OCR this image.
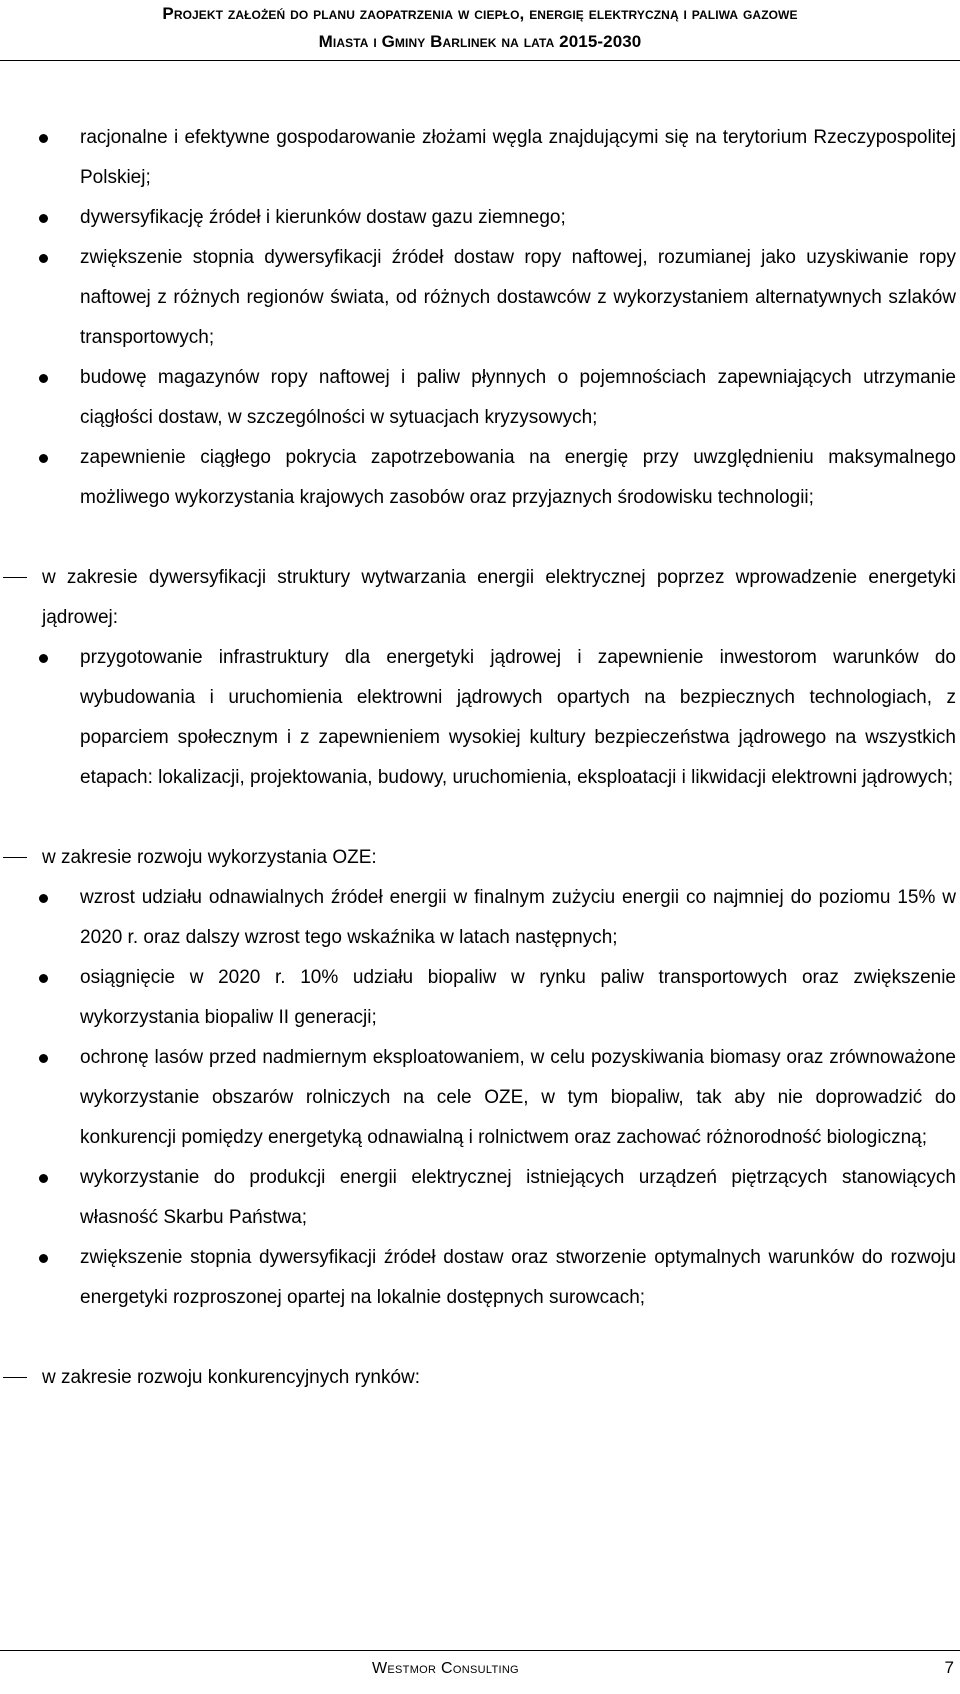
Projekt założeń do planu zaopatrzenia w ciepło, energię elektryczną i paliwa gazowe
Miasta i Gminy Barlinek na lata 2015-2030
racjonalne i efektywne gospodarowanie złożami węgla znajdującymi się na terytorium Rzeczypospolitej Polskiej;
dywersyfikację źródeł i kierunków dostaw gazu ziemnego;
zwiększenie stopnia dywersyfikacji źródeł dostaw ropy naftowej, rozumianej jako uzyskiwanie ropy naftowej z różnych regionów świata, od różnych dostawców z wykorzystaniem alternatywnych szlaków transportowych;
budowę magazynów ropy naftowej i paliw płynnych o pojemnościach zapewniających utrzymanie ciągłości dostaw, w szczególności w sytuacjach kryzysowych;
zapewnienie ciągłego pokrycia zapotrzebowania na energię przy uwzględnieniu maksymalnego możliwego wykorzystania krajowych zasobów oraz przyjaznych środowisku technologii;
w zakresie dywersyfikacji struktury wytwarzania energii elektrycznej poprzez wprowadzenie energetyki jądrowej:
przygotowanie infrastruktury dla energetyki jądrowej i zapewnienie inwestorom warunków do wybudowania i uruchomienia elektrowni jądrowych opartych na bezpiecznych technologiach, z poparciem społecznym i z zapewnieniem wysokiej kultury bezpieczeństwa jądrowego na wszystkich etapach: lokalizacji, projektowania, budowy, uruchomienia, eksploatacji i likwidacji elektrowni jądrowych;
w zakresie rozwoju wykorzystania OZE:
wzrost udziału odnawialnych źródeł energii w finalnym zużyciu energii co najmniej do poziomu 15% w 2020 r. oraz dalszy wzrost tego wskaźnika w latach następnych;
osiągnięcie w 2020 r. 10% udziału biopaliw w rynku paliw transportowych oraz zwiększenie wykorzystania biopaliw II generacji;
ochronę lasów przed nadmiernym eksploatowaniem, w celu pozyskiwania biomasy oraz zrównoważone wykorzystanie obszarów rolniczych na cele OZE, w tym biopaliw, tak aby nie doprowadzić do konkurencji pomiędzy energetyką odnawialną i rolnictwem oraz zachować różnorodność biologiczną;
wykorzystanie do produkcji energii elektrycznej istniejących urządzeń piętrzących stanowiących własność Skarbu Państwa;
zwiększenie stopnia dywersyfikacji źródeł dostaw oraz stworzenie optymalnych warunków do rozwoju energetyki rozproszonej opartej na lokalnie dostępnych surowcach;
w zakresie rozwoju konkurencyjnych rynków:
Westmor Consulting	7
